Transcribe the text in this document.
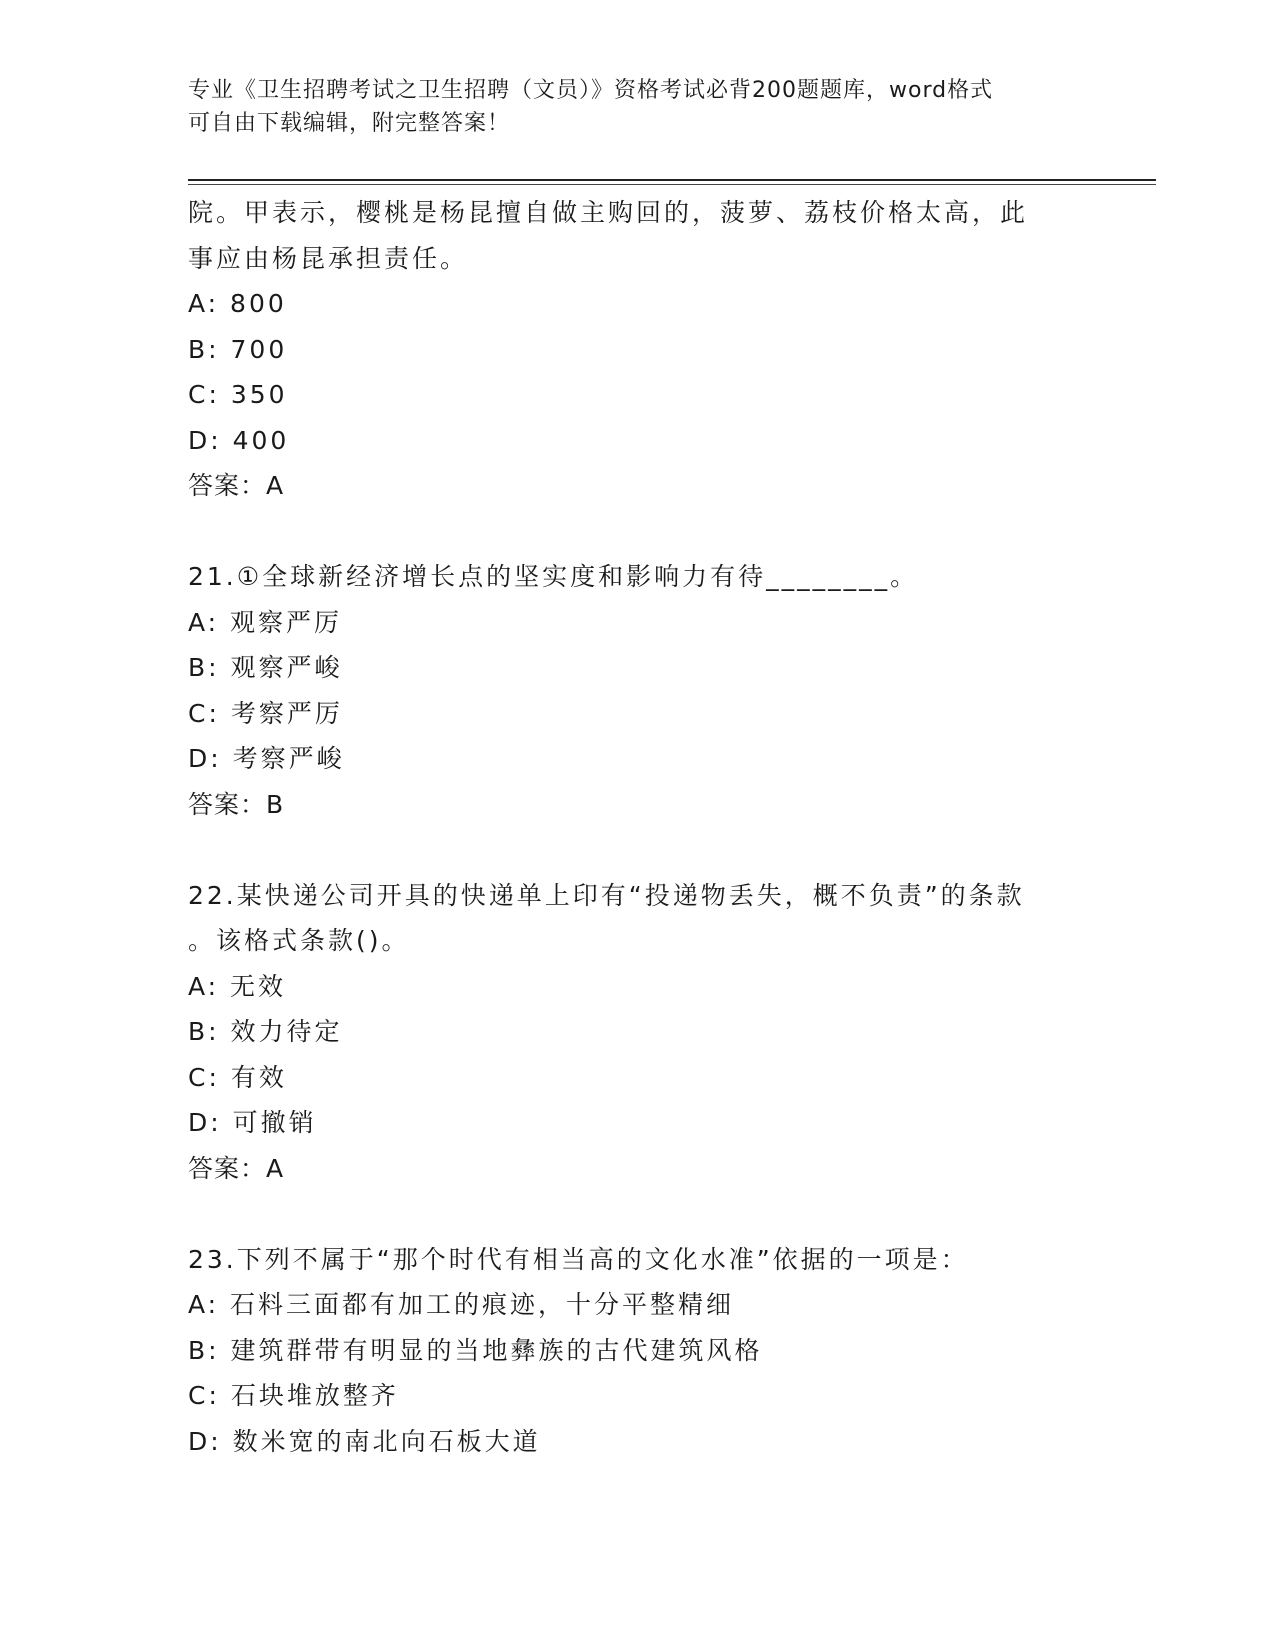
专业《卫生招聘考试之卫生招聘（文员）》资格考试必背200题题库，word格式
可自由下载编辑，附完整答案！
院。甲表示，樱桃是杨昆擅自做主购回的，菠萝、荔枝价格太高，此
事应由杨昆承担责任。
A: 800
B: 700
C: 350
D: 400
答案：A
21.①全球新经济增长点的坚实度和影响力有待________。
A: 观察严厉
B: 观察严峻
C: 考察严厉
D: 考察严峻
答案：B
22.某快递公司开具的快递单上印有“投递物丢失，概不负责”的条款
。该格式条款()。
A: 无效
B: 效力待定
C: 有效
D: 可撤销
答案：A
23.下列不属于“那个时代有相当高的文化水准”依据的一项是：
A: 石料三面都有加工的痕迹，十分平整精细
B: 建筑群带有明显的当地彝族的古代建筑风格
C: 石块堆放整齐
D: 数米宽的南北向石板大道
